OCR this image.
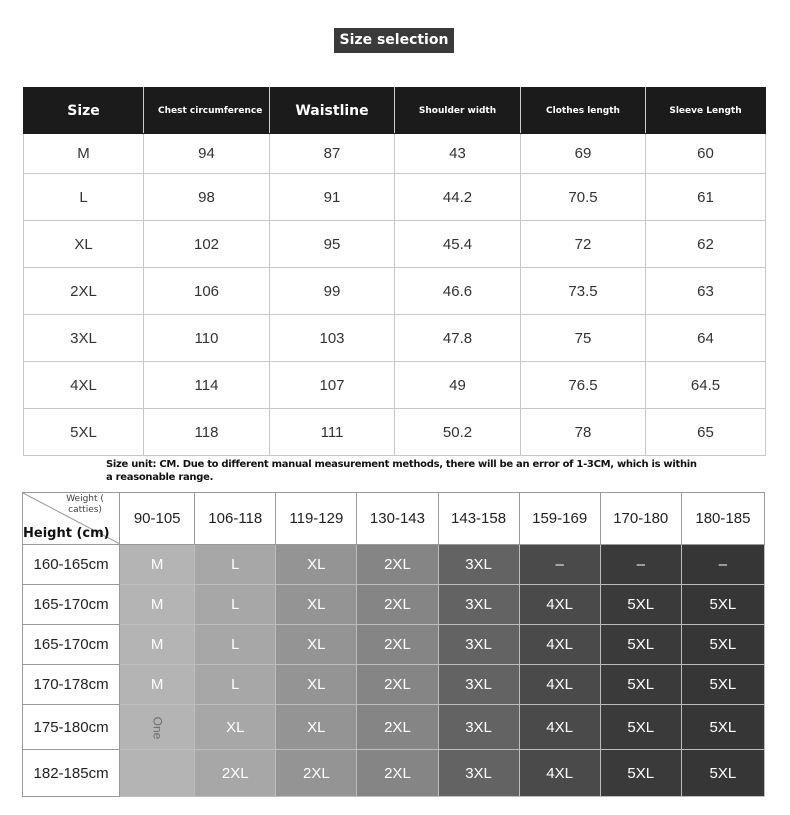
Size selection
Size	Chest circumference	Waistline	Shoulder width	Clothes length	Sleeve Length
M	94	87	43	69	60
L	98	91	44.2	70.5	61
XL	102	95	45.4	72	62
2XL	106	99	46.6	73.5	63
3XL	110	103	47.8	75	64
4XL	114	107	49	76.5	64.5
5XL	118	111	50.2	78	65
Size unit: CM. Due to different manual measurement methods, there will be an error of 1-3CM, which is within a reasonable range.
Weight ( catties)
Height (cm)	90-105	106-118	119-129	130-143	143-158	159-169	170-180	180-185
160-165cm	M	L	XL	2XL	3XL	–	–	–
165-170cm	M	L	XL	2XL	3XL	4XL	5XL	5XL
165-170cm	M	L	XL	2XL	3XL	4XL	5XL	5XL
170-178cm	M	L	XL	2XL	3XL	4XL	5XL	5XL
175-180cm	One	XL	XL	2XL	3XL	4XL	5XL	5XL
182-185cm		2XL	2XL	2XL	3XL	4XL	5XL	5XL
